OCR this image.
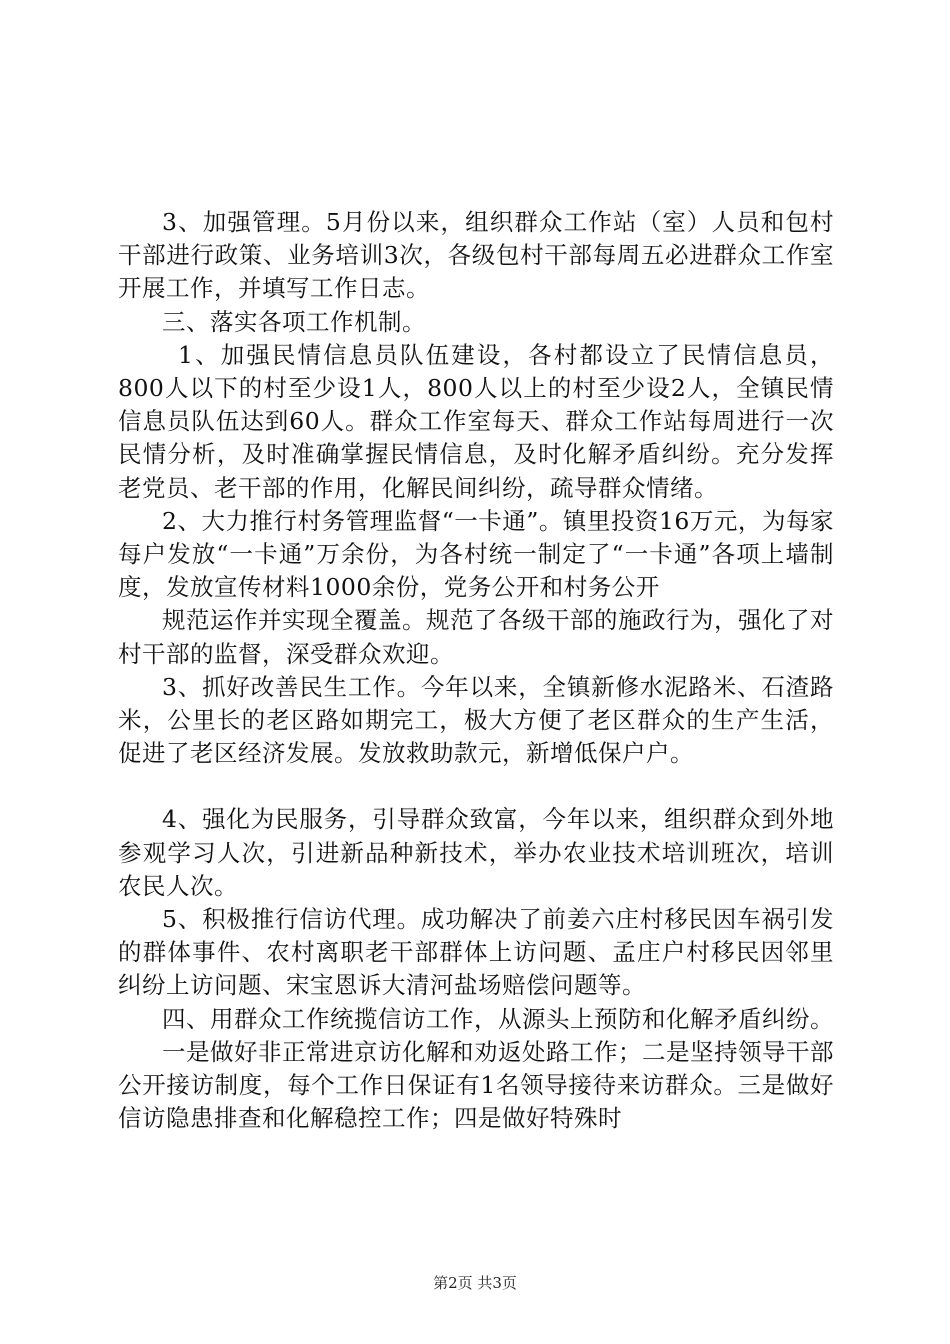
3、加强管理。5月份以来，组织群众工作站（室）人员和包村干部进行政策、业务培训3次，各级包村干部每周五必进群众工作室开展工作，并填写工作日志。

三、落实各项工作机制。

1、加强民情信息员队伍建设，各村都设立了民情信息员，800人以下的村至少设1人，800人以上的村至少设2人，全镇民情信息员队伍达到60人。群众工作室每天、群众工作站每周进行一次民情分析，及时准确掌握民情信息，及时化解矛盾纠纷。充分发挥老党员、老干部的作用，化解民间纠纷，疏导群众情绪。

2、大力推行村务管理监督“一卡通”。镇里投资16万元，为每家每户发放“一卡通”万余份，为各村统一制定了“一卡通”各项上墙制度，发放宣传材料1000余份，党务公开和村务公开

规范运作并实现全覆盖。规范了各级干部的施政行为，强化了对村干部的监督，深受群众欢迎。

3、抓好改善民生工作。今年以来，全镇新修水泥路米、石渣路米，公里长的老区路如期完工，极大方便了老区群众的生产生活，促进了老区经济发展。发放救助款元，新增低保户户。

4、强化为民服务，引导群众致富，今年以来，组织群众到外地参观学习人次，引进新品种新技术，举办农业技术培训班次，培训农民人次。

5、积极推行信访代理。成功解决了前姜六庄村移民因车祸引发的群体事件、农村离职老干部群体上访问题、孟庄户村移民因邻里纠纷上访问题、宋宝恩诉大清河盐场赔偿问题等。

四、用群众工作统揽信访工作，从源头上预防和化解矛盾纠纷。

一是做好非正常进京访化解和劝返处路工作；二是坚持领导干部公开接访制度，每个工作日保证有1名领导接待来访群众。三是做好信访隐患排查和化解稳控工作；四是做好特殊时

第2页 共3页
